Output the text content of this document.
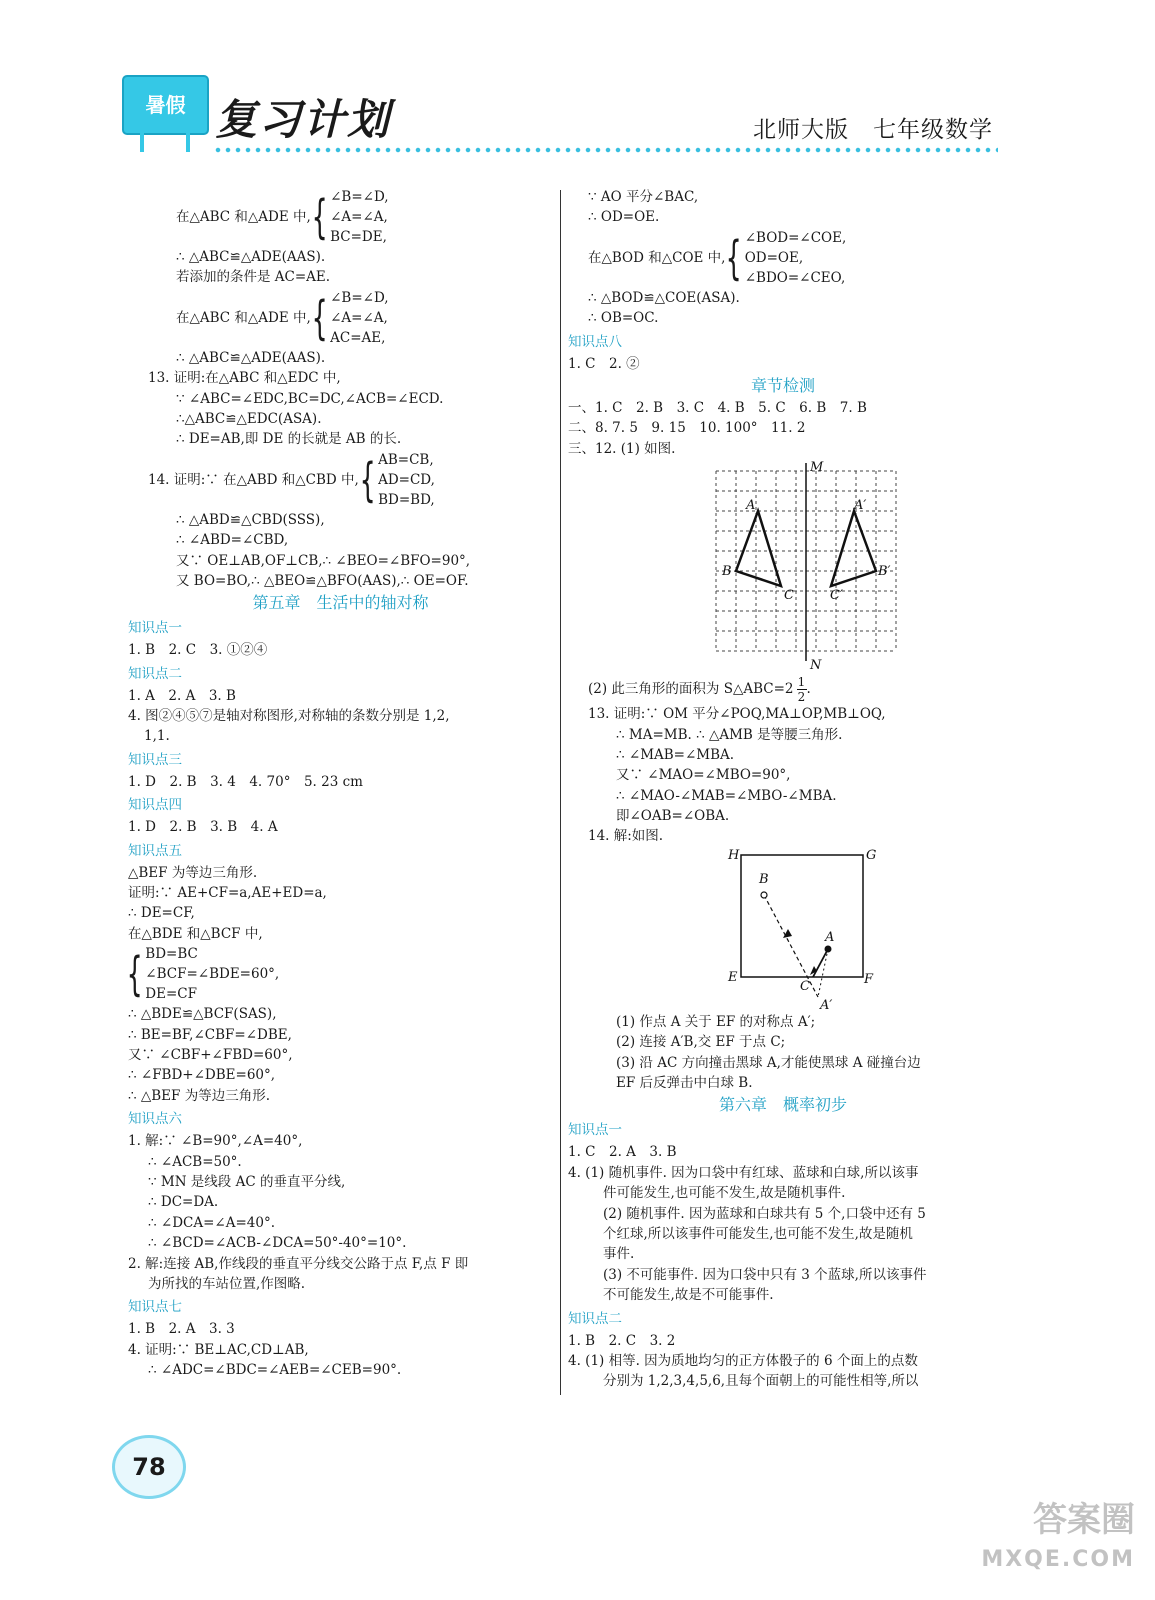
暑假 复习计划	北师大版　七年级数学
在△ABC 和△ADE 中, { ∠B=∠D,
∠A=∠A,
BC=DE,
∴ △ABC≌△ADE(AAS).
若添加的条件是 AC=AE.
在△ABC 和△ADE 中, { ∠B=∠D,
∠A=∠A,
AC=AE,
∴ △ABC≌△ADE(AAS).
13. 证明:在△ABC 和△EDC 中,
∵ ∠ABC=∠EDC,BC=DC,∠ACB=∠ECD.
∴△ABC≌△EDC(ASA).
∴ DE=AB,即 DE 的长就是 AB 的长.
14. 证明:∵ 在△ABD 和△CBD 中, { AB=CB,
AD=CD,
BD=BD,
∴ △ABD≌△CBD(SSS),
∴ ∠ABD=∠CBD,
又∵ OE⊥AB,OF⊥CB,∴ ∠BEO=∠BFO=90°,
又 BO=BO,∴ △BEO≌△BFO(AAS),∴ OE=OF.
第五章　生活中的轴对称
知识点一
1. B　2. C　3. ①②④
知识点二
1. A　2. A　3. B
4. 图②④⑤⑦是轴对称图形,对称轴的条数分别是 1,2,
1,1.
知识点三
1. D　2. B　3. 4　4. 70°　5. 23 cm
知识点四
1. D　2. B　3. B　4. A
知识点五
△BEF 为等边三角形.
证明:∵ AE+CF=a,AE+ED=a,
∴ DE=CF,
在△BDE 和△BCF 中,
{ BD=BC
∠BCF=∠BDE=60°,
DE=CF
∴ △BDE≌△BCF(SAS),
∴ BE=BF,∠CBF=∠DBE,
又∵ ∠CBF+∠FBD=60°,
∴ ∠FBD+∠DBE=60°,
∴ △BEF 为等边三角形.
知识点六
1. 解:∵ ∠B=90°,∠A=40°,
∴ ∠ACB=50°.
∵ MN 是线段 AC 的垂直平分线,
∴ DC=DA.
∴ ∠DCA=∠A=40°.
∴ ∠BCD=∠ACB-∠DCA=50°-40°=10°.
2. 解:连接 AB,作线段的垂直平分线交公路于点 F,点 F 即
为所找的车站位置,作图略.
知识点七
1. B　2. A　3. 3
4. 证明:∵ BE⊥AC,CD⊥AB,
∴ ∠ADC=∠BDC=∠AEB=∠CEB=90°.
∵ AO 平分∠BAC,
∴ OD=OE.
在△BOD 和△COE 中, { ∠BOD=∠COE,
OD=OE,
∠BDO=∠CEO,
∴ △BOD≌△COE(ASA).
∴ OB=OC.
知识点八
1. C　2. ②
章节检测
一、1. C　2. B　3. C　4. B　5. C　6. B　7. B
二、8. 7. 5　9. 15　10. 100°　11. 2
三、12. (1) 如图.
M
N
A	A′
B	B′
C	C′
(2) 此三角形的面积为 S△ABC=2 1
2 .
13. 证明:∵ OM 平分∠POQ,MA⊥OP,MB⊥OQ,
∴ MA=MB. ∴ △AMB 是等腰三角形.
∴ ∠MAB=∠MBA.
又∵ ∠MAO=∠MBO=90°,
∴ ∠MAO-∠MAB=∠MBO-∠MBA.
即∠OAB=∠OBA.
14. 解:如图.
H	G
B
A
E
C	F
A′
(1) 作点 A 关于 EF 的对称点 A′;
(2) 连接 A′B,交 EF 于点 C;
(3) 沿 AC 方向撞击黑球 A,才能使黑球 A 碰撞台边
EF 后反弹击中白球 B.
第六章　概率初步
知识点一
1. C　2. A　3. B
4. (1) 随机事件. 因为口袋中有红球、蓝球和白球,所以该事
件可能发生,也可能不发生,故是随机事件.
(2) 随机事件. 因为蓝球和白球共有 5 个,口袋中还有 5
个红球,所以该事件可能发生,也可能不发生,故是随机
事件.
(3) 不可能事件. 因为口袋中只有 3 个蓝球,所以该事件
不可能发生,故是不可能事件.
知识点二
1. B　2. C　3. 2
4. (1) 相等. 因为质地均匀的正方体骰子的 6 个面上的点数
分别为 1,2,3,4,5,6,且每个面朝上的可能性相等,所以
78
答案圈
MXQE.COM
